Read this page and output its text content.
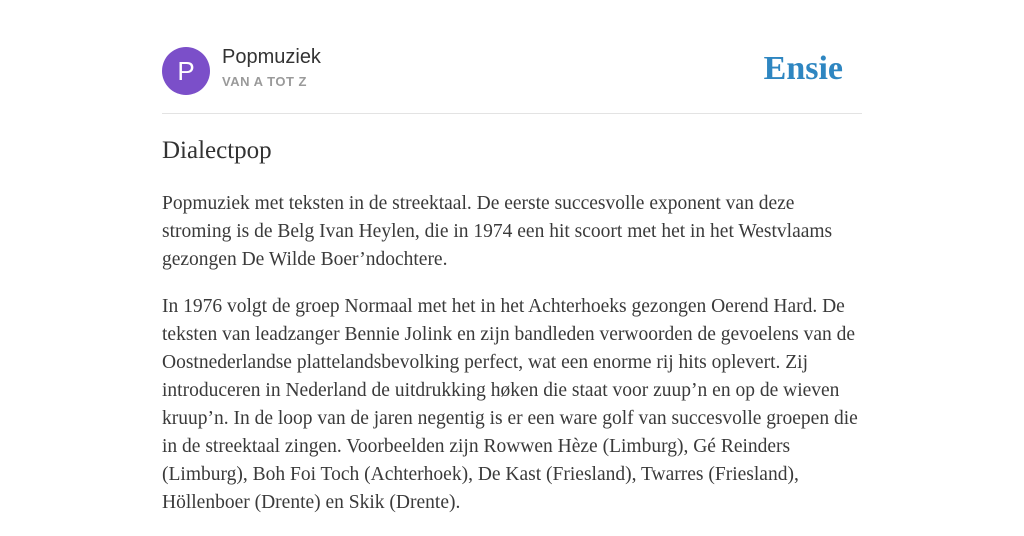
P	Popmuziek
VAN A TOT Z	Ensie
Dialectpop

Popmuziek met teksten in de streektaal. De eerste succesvolle exponent van deze stroming is de Belg Ivan Heylen, die in 1974 een hit scoort met het in het Westvlaams gezongen De Wilde Boer’ndochtere.

In 1976 volgt de groep Normaal met het in het Achterhoeks gezongen Oerend Hard. De teksten van leadzanger Bennie Jolink en zijn bandleden verwoorden de gevoelens van de Oostnederlandse plattelandsbevolking perfect, wat een enorme rij hits oplevert. Zij introduceren in Nederland de uitdrukking høken die staat voor zuup’n en op de wieven kruup’n. In de loop van de jaren negentig is er een ware golf van succesvolle groepen die in de streektaal zingen. Voorbeelden zijn Rowwen Hèze (Limburg), Gé Reinders (Limburg), Boh Foi Toch (Achterhoek), De Kast (Friesland), Twarres (Friesland), Höllenboer (Drente) en Skik (Drente).
